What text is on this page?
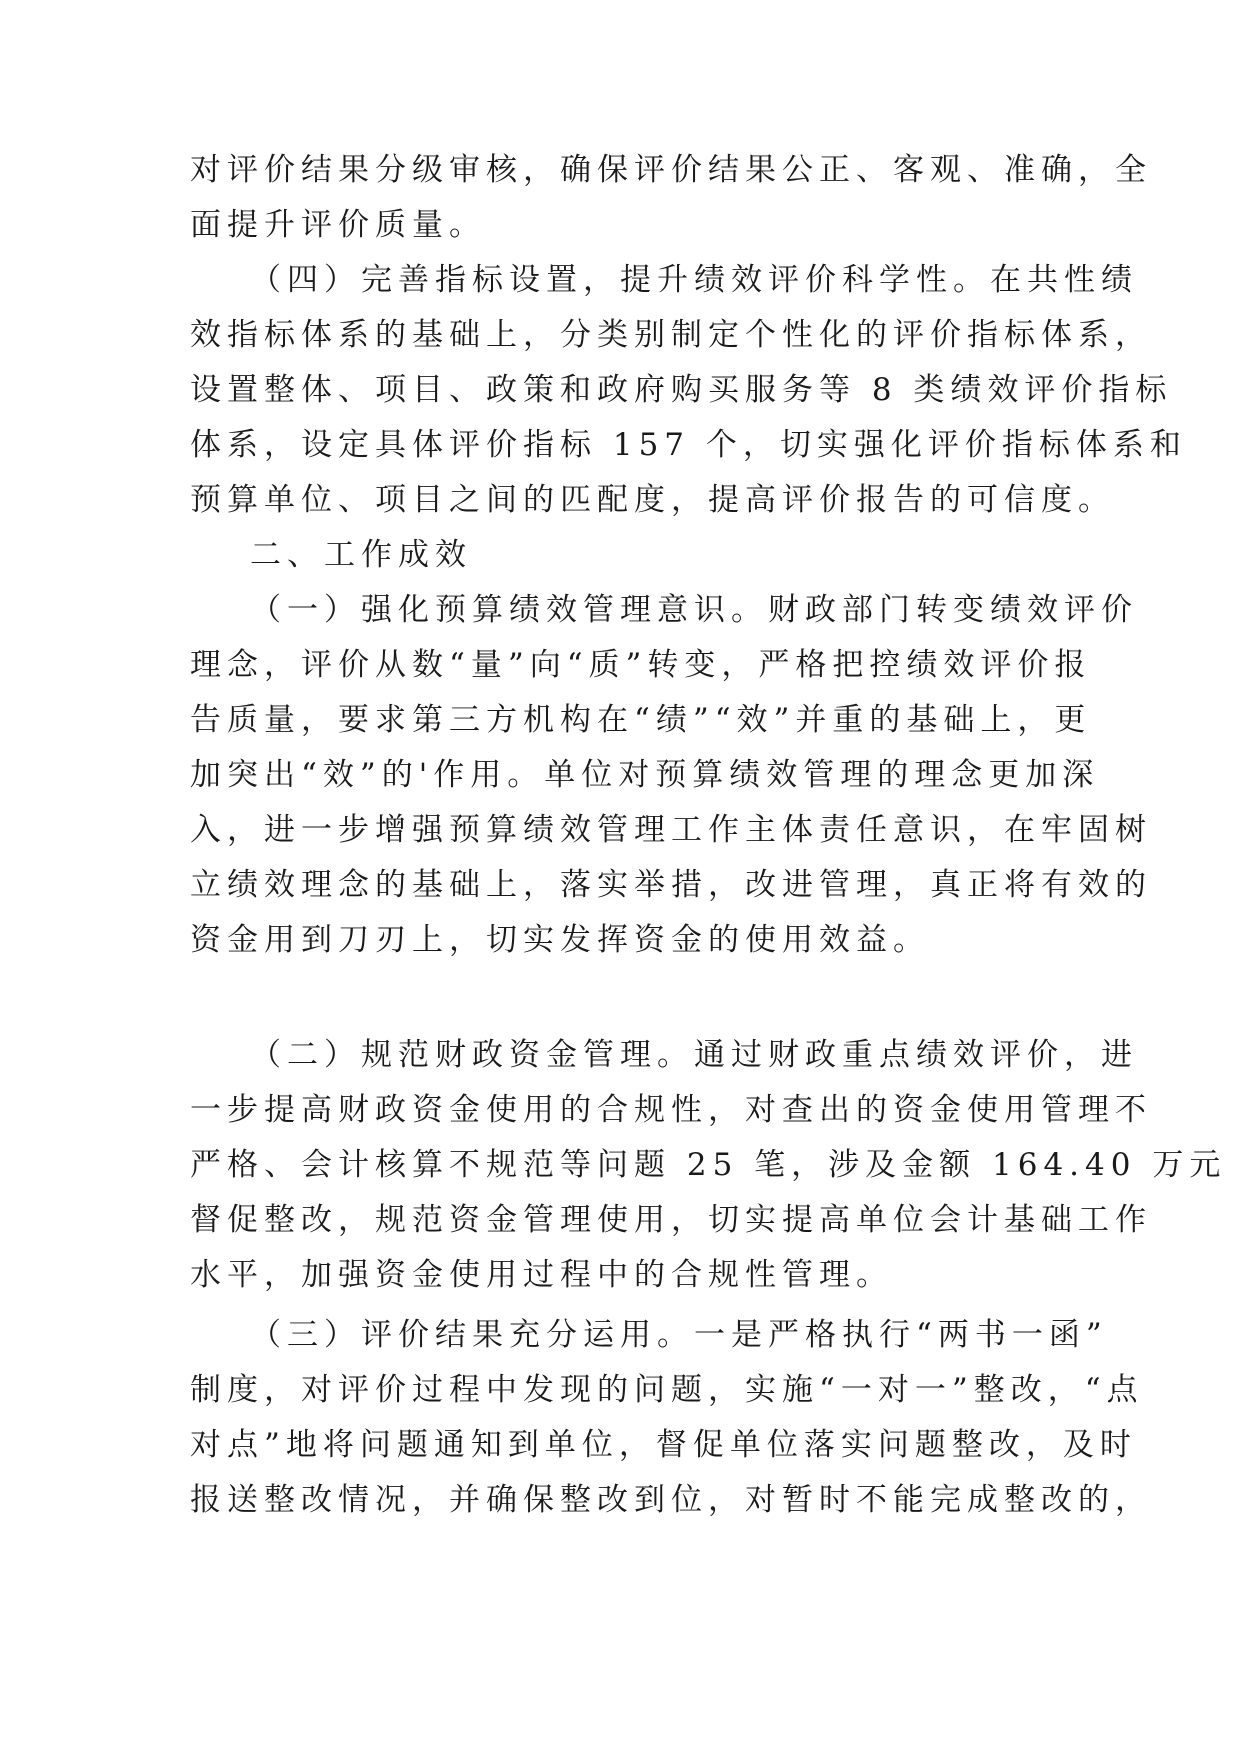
对评价结果分级审核，确保评价结果公正、客观、准确，全
面提升评价质量。
（四）完善指标设置，提升绩效评价科学性。在共性绩
效指标体系的基础上，分类别制定个性化的评价指标体系，
设置整体、项目、政策和政府购买服务等 8 类绩效评价指标
体系，设定具体评价指标 157 个，切实强化评价指标体系和
预算单位、项目之间的匹配度，提高评价报告的可信度。
二、工作成效
（一）强化预算绩效管理意识。财政部门转变绩效评价
理念，评价从数“量”向“质”转变，严格把控绩效评价报
告质量，要求第三方机构在“绩”“效”并重的基础上，更
加突出“效”的'作用。单位对预算绩效管理的理念更加深
入，进一步增强预算绩效管理工作主体责任意识，在牢固树
立绩效理念的基础上，落实举措，改进管理，真正将有效的
资金用到刀刃上，切实发挥资金的使用效益。
（二）规范财政资金管理。通过财政重点绩效评价，进
一步提高财政资金使用的合规性，对查出的资金使用管理不
严格、会计核算不规范等问题 25 笔，涉及金额 164.40 万元
督促整改，规范资金管理使用，切实提高单位会计基础工作
水平，加强资金使用过程中的合规性管理。
（三）评价结果充分运用。一是严格执行“两书一函”
制度，对评价过程中发现的问题，实施“一对一”整改，“点
对点”地将问题通知到单位，督促单位落实问题整改，及时
报送整改情况，并确保整改到位，对暂时不能完成整改的，
